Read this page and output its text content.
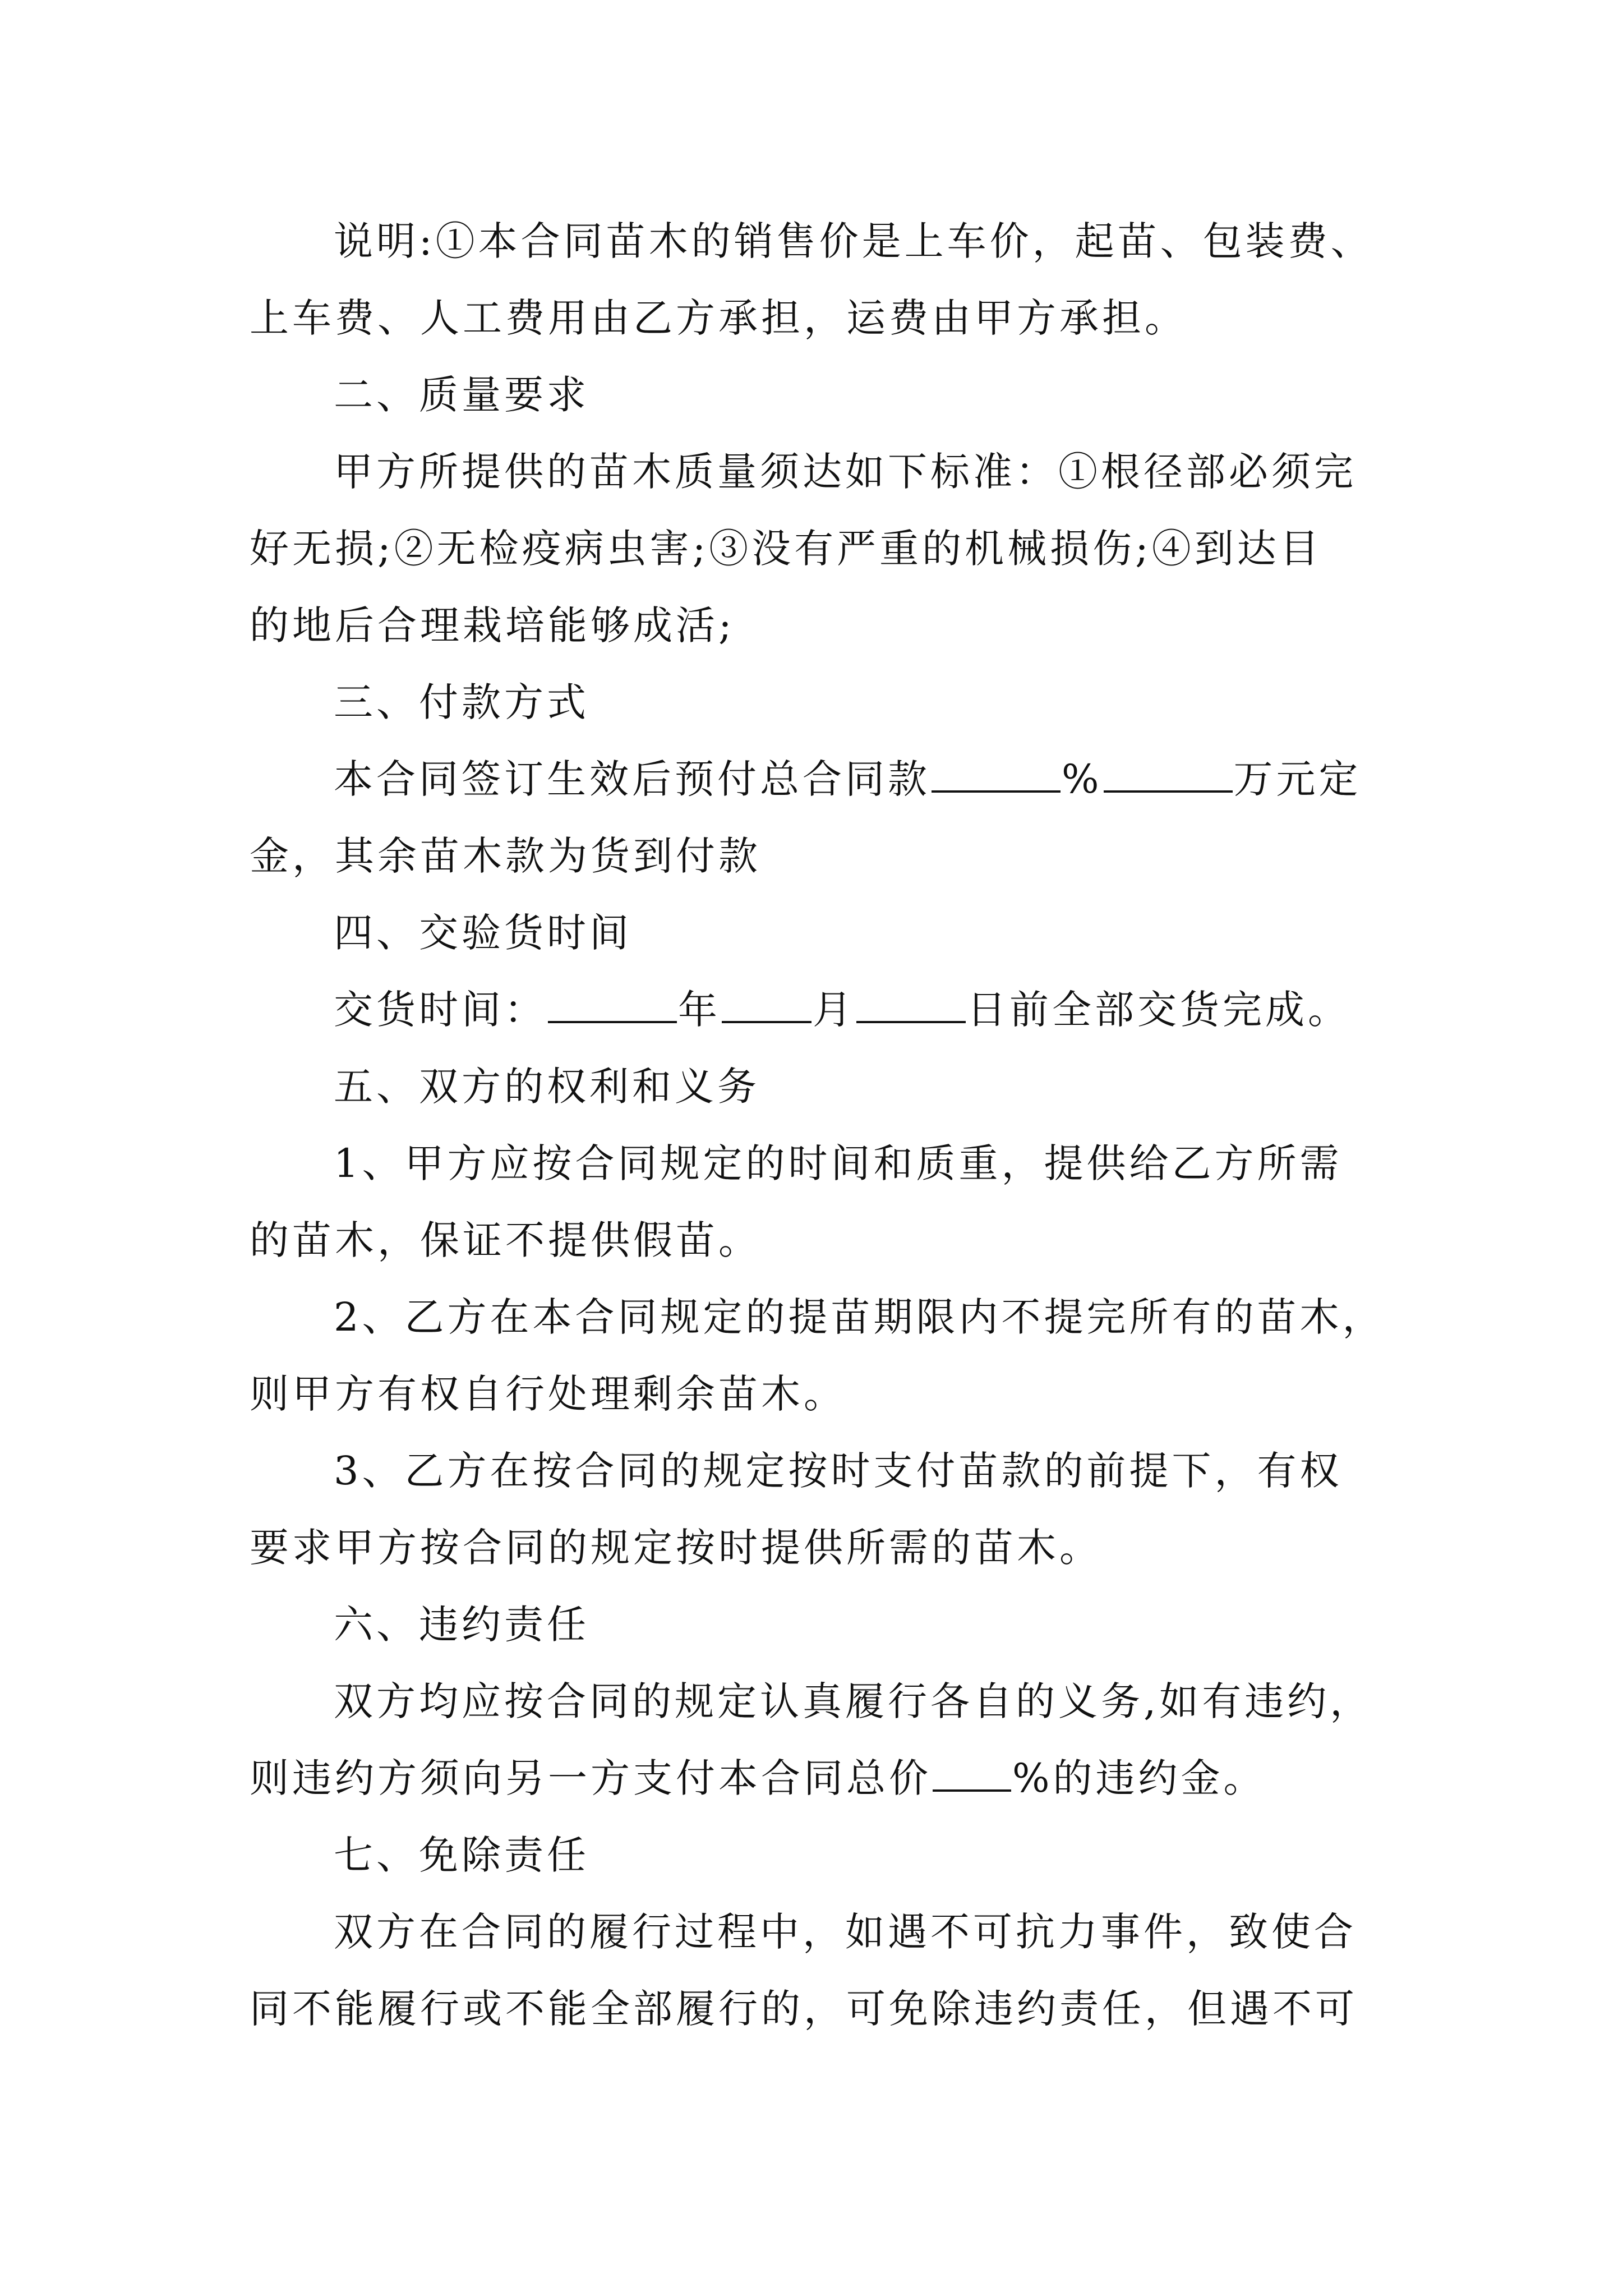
说明:①本合同苗木的销售价是上车价，起苗、包装费、
上车费、人工费用由乙方承担，运费由甲方承担。
二、质量要求
甲方所提供的苗木质量须达如下标准：①根径部必须完
好无损;②无检疫病虫害;③没有严重的机械损伤;④到达目
的地后合理栽培能够成活;
三、付款方式
本合同签订生效后预付总合同款	%	万元定
金，其余苗木款为货到付款
四、交验货时间
交货时间：	年 月	日前全部交货完成。
五、双方的权利和义务
1、甲方应按合同规定的时间和质重，提供给乙方所需
的苗木，保证不提供假苗。
2、乙方在本合同规定的提苗期限内不提完所有的苗木，
则甲方有权自行处理剩余苗木。
3、乙方在按合同的规定按时支付苗款的前提下，有权
要求甲方按合同的规定按时提供所需的苗木。
六、违约责任
双方均应按合同的规定认真履行各自的义务,如有违约，
则违约方须向另一方支付本合同总价 %的违约金。
七、免除责任
双方在合同的履行过程中，如遇不可抗力事件，致使合
同不能履行或不能全部履行的，可免除违约责任，但遇不可
